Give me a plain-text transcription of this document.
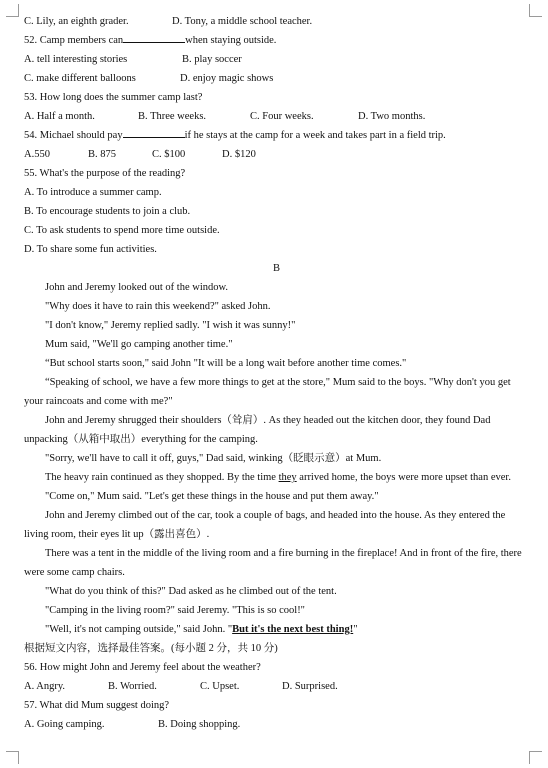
C. Lily, an eighth grader.	D. Tony, a middle school teacher.
52. Camp members can	when staying outside.
A. tell interesting stories	B. play soccer
C. make different balloons	D. enjoy magic shows
53. How long does the summer camp last?
A. Half a month.	B. Three weeks.	C. Four weeks.	D. Two months.
54. Michael should pay	if he stays at the camp for a week and takes part in a field trip.
A.550	B. 875	C. $100	D. $120
55. What's the purpose of the reading?
A. To introduce a summer camp.
B. To encourage students to join a club.
C. To ask students to spend more time outside.
D. To share some fun activities.
B
John and Jeremy looked out of the window.
"Why does it have to rain this weekend?" asked John.
"I don't know," Jeremy replied sadly. "I wish it was sunny!"
Mum said, "We'll go camping another time."
“But school starts soon," said John "It will be a long wait before another time comes."
“Speaking of school, we have a few more things to get at the store," Mum said to the boys. "Why don't you get
your raincoats and come with me?"
John and Jeremy shrugged their shoulders（耸肩）. As they headed out the kitchen door, they found Dad
unpacking（从箱中取出）everything for the camping.
"Sorry, we'll have to call it off, guys," Dad said, winking（眨眼示意）at Mum.
The heavy rain continued as they shopped. By the time they arrived home, the boys were more upset than ever.
"Come on," Mum said. "Let's get these things in the house and put them away."
John and Jeremy climbed out of the car, took a couple of bags, and headed into the house. As they entered the
living room, their eyes lit up（露出喜色）.
There was a tent in the middle of the living room and a fire burning in the fireplace! And in front of the fire, there
were some camp chairs.
"What do you think of this?" Dad asked as he climbed out of the tent.
"Camping in the living room?" said Jeremy. "This is so cool!"
"Well, it's not camping outside," said John. "But it's the next best thing!"
根据短文内容，选择最佳答案。(每小题 2 分，共 10 分)
56. How might John and Jeremy feel about the weather?
A. Angry.	B. Worried.	C. Upset.	D. Surprised.
57. What did Mum suggest doing?
A. Going camping.	B. Doing shopping.
